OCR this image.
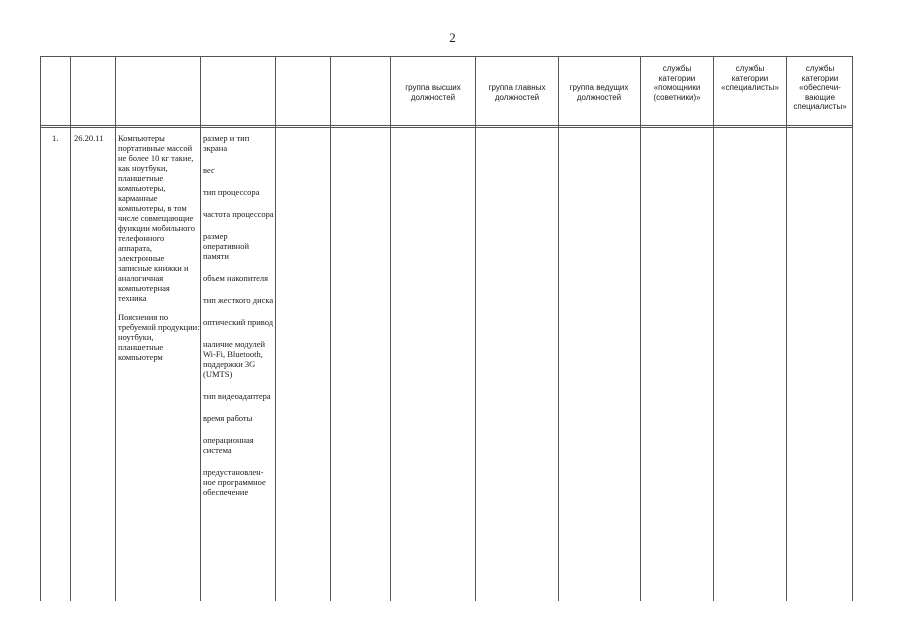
2
группа высших должностей
группа главных должностей
группа ведущих должностей
службы категории «помощники (советники)»
службы категории «специалисты»
службы категории «обеспечи-вающие специалисты»
1. 26.20.11 Компьютеры портативные массой не более 10 кг такие, как ноутбуки, планшетные компьютеры, карманные компьютеры, в том числе совмещающие функции мобильного телефонного аппарата, электронные записные книжки и аналогичная компьютерная техника

Пояснения по требуемой продукции: ноутбуки, планшетные компьютерм

размер и тип экрана
вес
тип процессора
частота процессора
размер оперативной памяти
объем накопителя
тип жесткого диска
оптический привод
наличие модулей Wi-Fi, Bluetooth, поддержки 3G (UMTS)
тип видеоадаптера
время работы
операционная система
предустановлен-ное программное обеспечение
